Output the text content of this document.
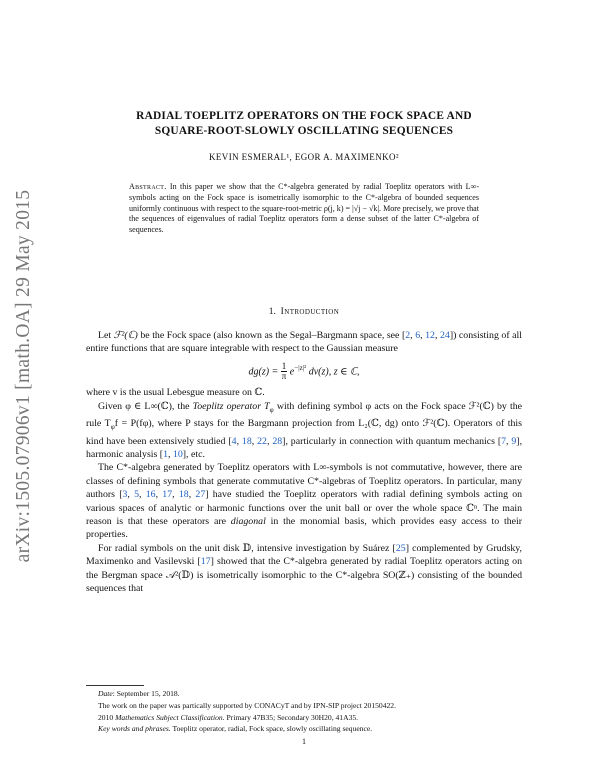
arXiv:1505.07906v1 [math.OA] 29 May 2015
RADIAL TOEPLITZ OPERATORS ON THE FOCK SPACE AND
SQUARE-ROOT-SLOWLY OSCILLATING SEQUENCES
KEVIN ESMERAL¹, EGOR A. MAXIMENKO²
Abstract. In this paper we show that the C*-algebra generated by radial Toeplitz operators with L∞-symbols acting on the Fock space is isometrically isomorphic to the C*-algebra of bounded sequences uniformly continuous with respect to the square-root-metric ρ(j, k) = |√j − √k|. More precisely, we prove that the sequences of eigenvalues of radial Toeplitz operators form a dense subset of the latter C*-algebra of sequences.
1. Introduction

Let ℱ²(ℂ) be the Fock space (also known as the Segal–Bargmann space, see [2, 6, 12, 24]) consisting of all entire functions that are square integrable with respect to the Gaussian measure

$dg(z) = \frac{1}{\pi} e^{-|z|^2}$ dv(z), z ∈ ℂ,

where v is the usual Lebesgue measure on ℂ.

Given φ ∈ L∞(ℂ), the Toeplitz operator $T_\varphi$ with defining symbol φ acts on the Fock space ℱ²(ℂ) by the rule $T_\varphi f = P(f\varphi)$, where P stays for the Bargmann projection from L₂(ℂ, dg) onto ℱ²(ℂ). Operators of this kind have been extensively studied [4, 18, 22, 28], particularly in connection with quantum mechanics [7, 9], harmonic analysis [1, 10], etc.

The C*-algebra generated by Toeplitz operators with L∞-symbols is not commutative, however, there are classes of defining symbols that generate commutative C*-algebras of Toeplitz operators. In particular, many authors [3, 5, 16, 17, 18, 27] have studied the Toeplitz operators with radial defining symbols acting on various spaces of analytic or harmonic functions over the unit ball or over the whole space ℂⁿ. The main reason is that these operators are diagonal in the monomial basis, which provides easy access to their properties.

For radial symbols on the unit disk 𝔻, intensive investigation by Suárez [25] complemented by Grudsky, Maximenko and Vasilevski [17] showed that the C*-algebra generated by radial Toeplitz operators acting on the Bergman space 𝒜²(𝔻) is isometrically isomorphic to the C*-algebra SO(ℤ₊) consisting of the bounded sequences that

Date: September 15, 2018.
The work on the paper was partically supported by CONACyT and by IPN-SIP project 20150422.
2010 Mathematics Subject Classification. Primary 47B35; Secondary 30H20, 41A35.
Key words and phrases. Toeplitz operator, radial, Fock space, slowly oscillating sequence.
1
